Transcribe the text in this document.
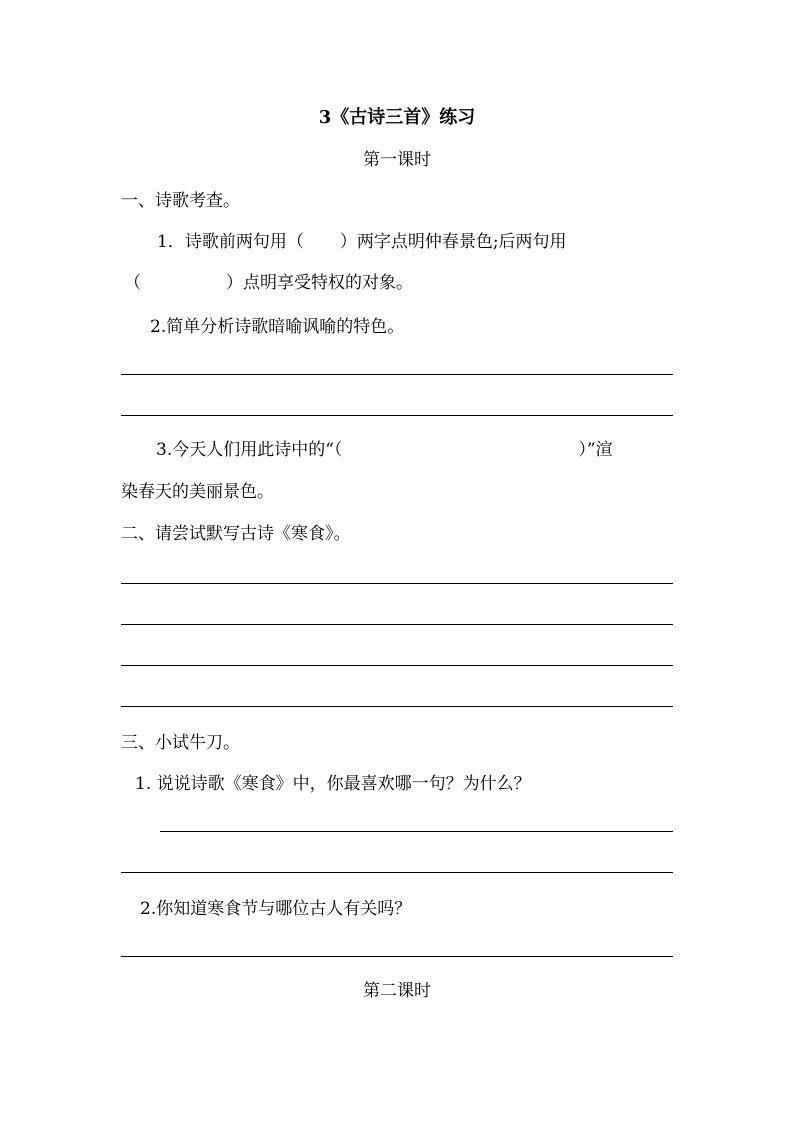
3《古诗三首》练习
第一课时
一、诗歌考查。
1．诗歌前两句用（ ）两字点明仲春景色;后两句用
（	）点明享受特权的对象。
2.简单分析诗歌暗喻讽喻的特色。
3.今天人们用此诗中的“（	）”渲
染春天的美丽景色。
二、请尝试默写古诗《寒食》。
三、小试牛刀。
1. 说说诗歌《寒食》中，你最喜欢哪一句？为什么？
2.你知道寒食节与哪位古人有关吗？
第二课时
